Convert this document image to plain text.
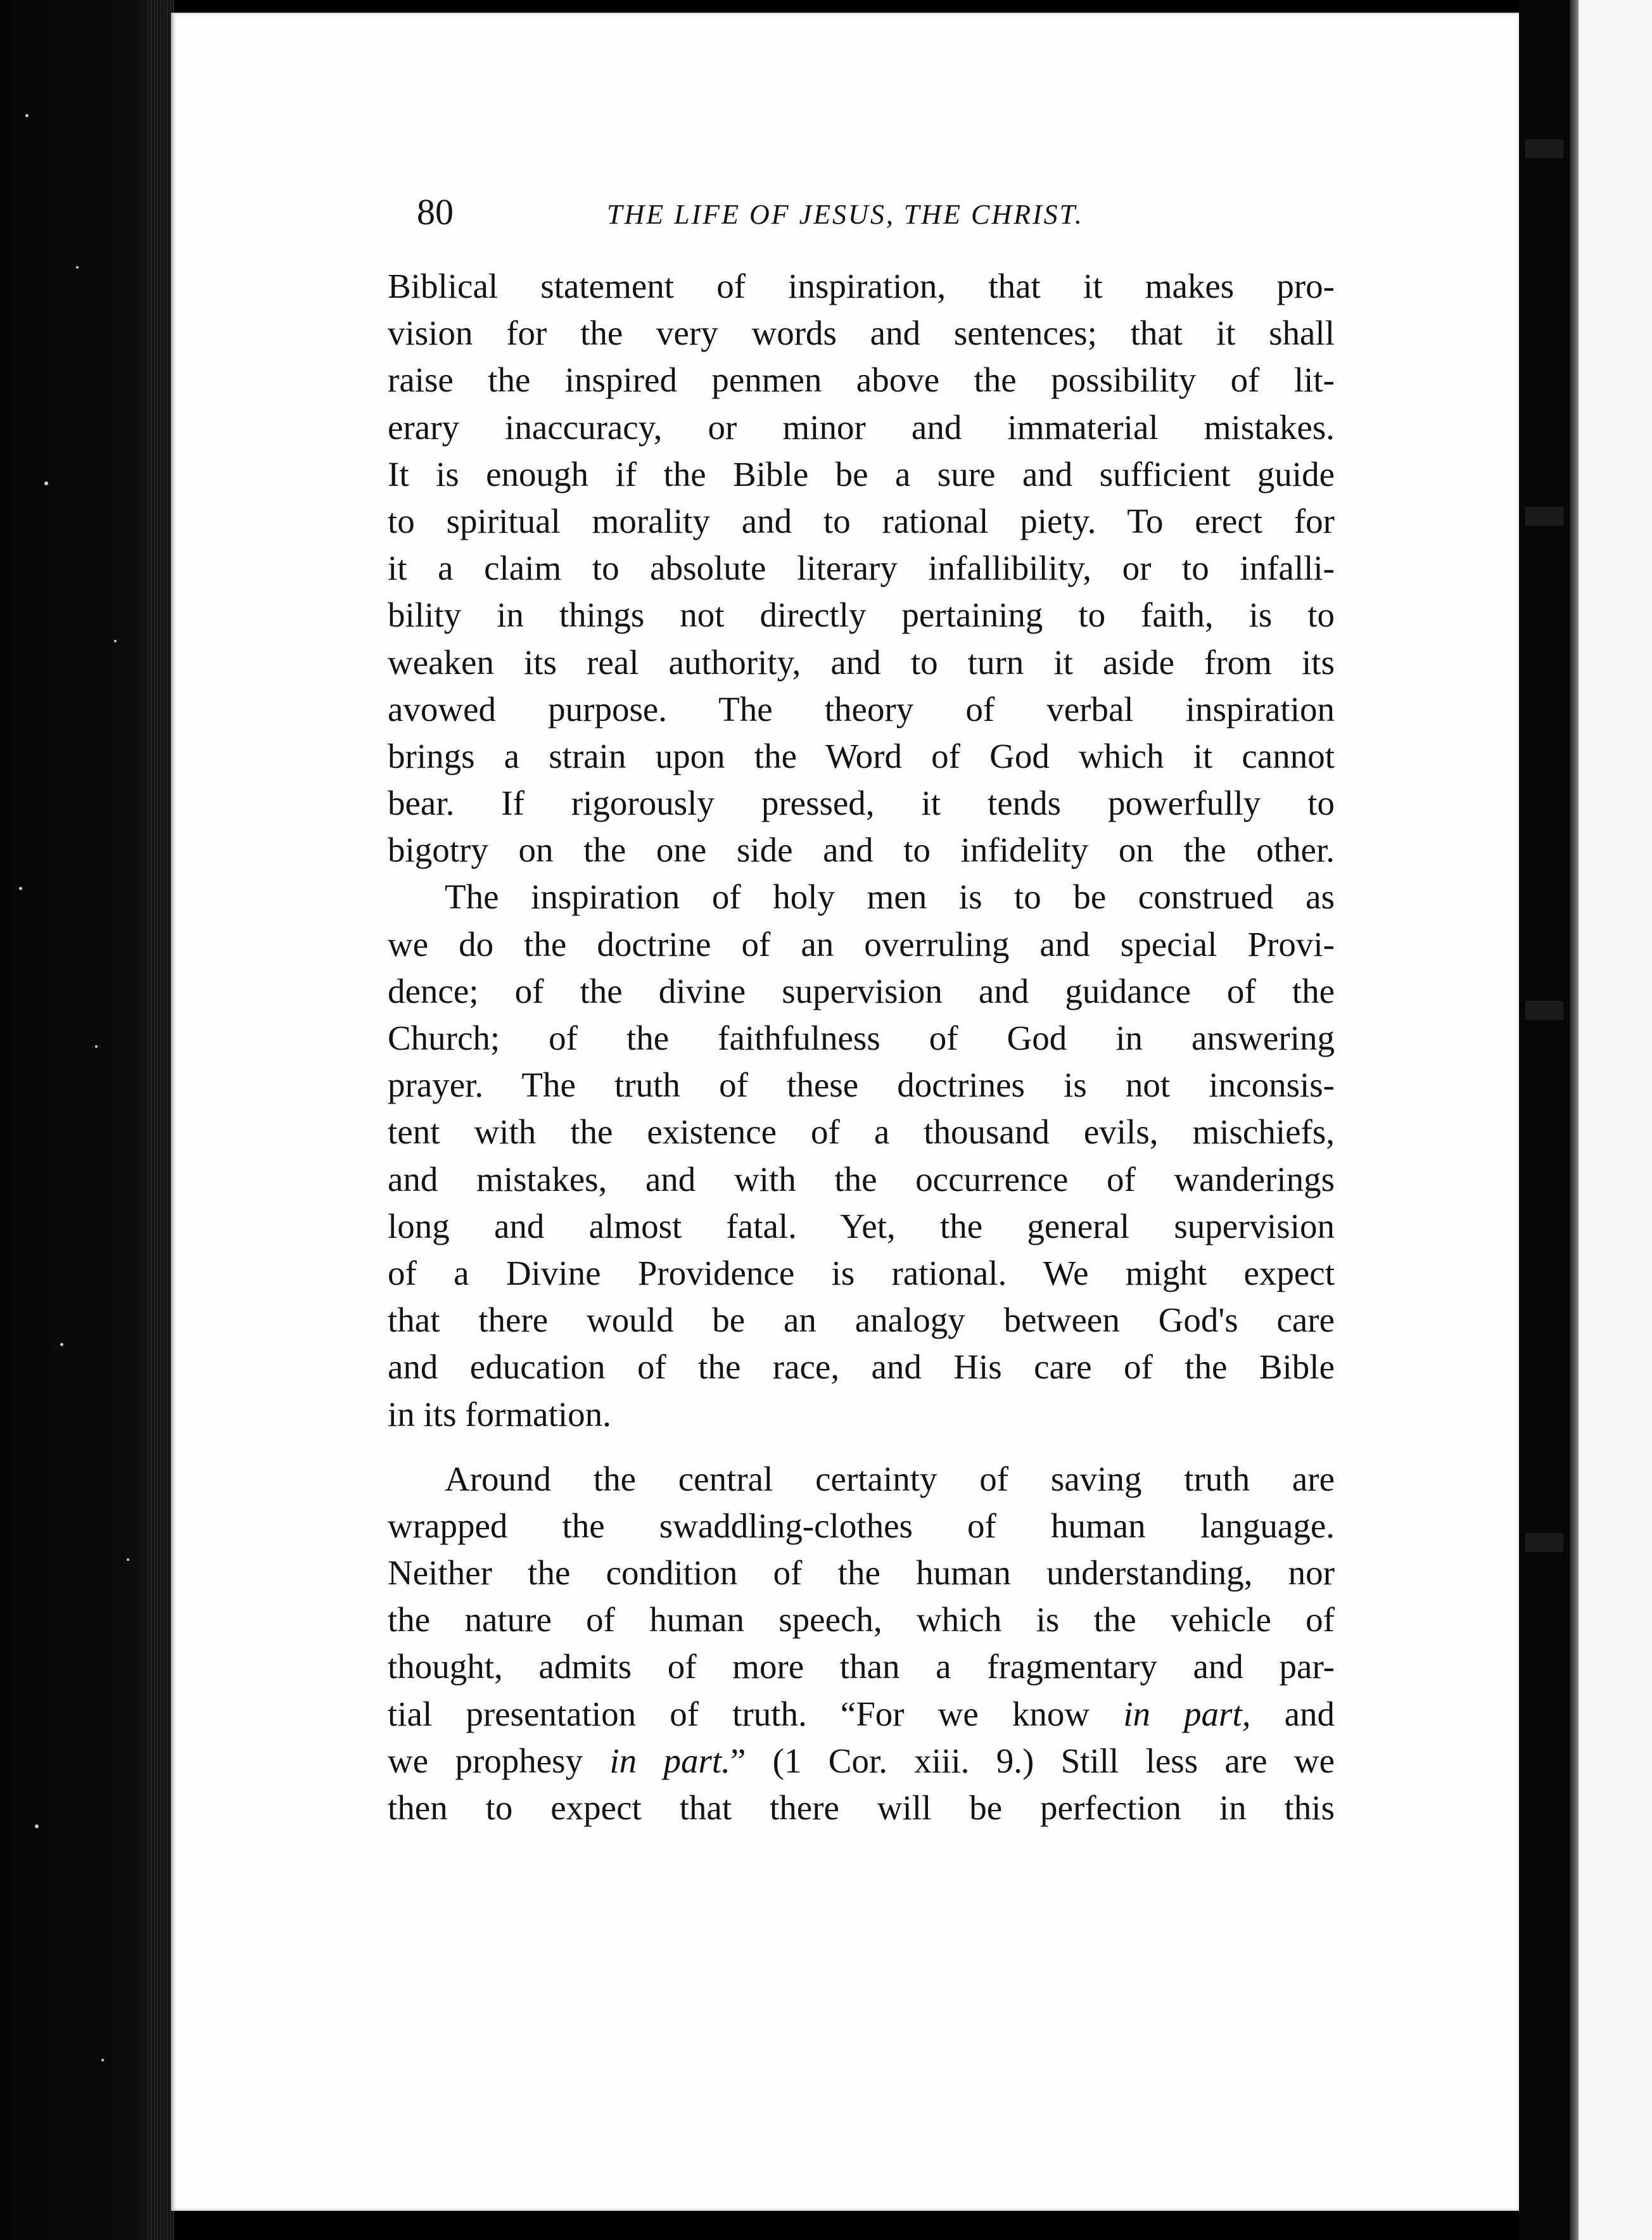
80	THE LIFE OF JESUS, THE CHRIST.
Biblical statement of inspiration, that it makes pro-
vision for the very words and sentences; that it shall
raise the inspired penmen above the possibility of lit-
erary inaccuracy, or minor and immaterial mistakes.
It is enough if the Bible be a sure and sufficient guide
to spiritual morality and to rational piety. To erect for
it a claim to absolute literary infallibility, or to infalli-
bility in things not directly pertaining to faith, is to
weaken its real authority, and to turn it aside from its
avowed purpose. The theory of verbal inspiration
brings a strain upon the Word of God which it cannot
bear. If rigorously pressed, it tends powerfully to
bigotry on the one side and to infidelity on the other.
The inspiration of holy men is to be construed as
we do the doctrine of an overruling and special Provi-
dence; of the divine supervision and guidance of the
Church; of the faithfulness of God in answering
prayer. The truth of these doctrines is not inconsis-
tent with the existence of a thousand evils, mischiefs,
and mistakes, and with the occurrence of wanderings
long and almost fatal. Yet, the general supervision
of a Divine Providence is rational. We might expect
that there would be an analogy between God's care
and education of the race, and His care of the Bible
in its formation.
Around the central certainty of saving truth are
wrapped the swaddling-clothes of human language.
Neither the condition of the human understanding, nor
the nature of human speech, which is the vehicle of
thought, admits of more than a fragmentary and par-
tial presentation of truth. “For we know in part, and
we prophesy in part.” (1 Cor. xiii. 9.) Still less are we
then to expect that there will be perfection in this
